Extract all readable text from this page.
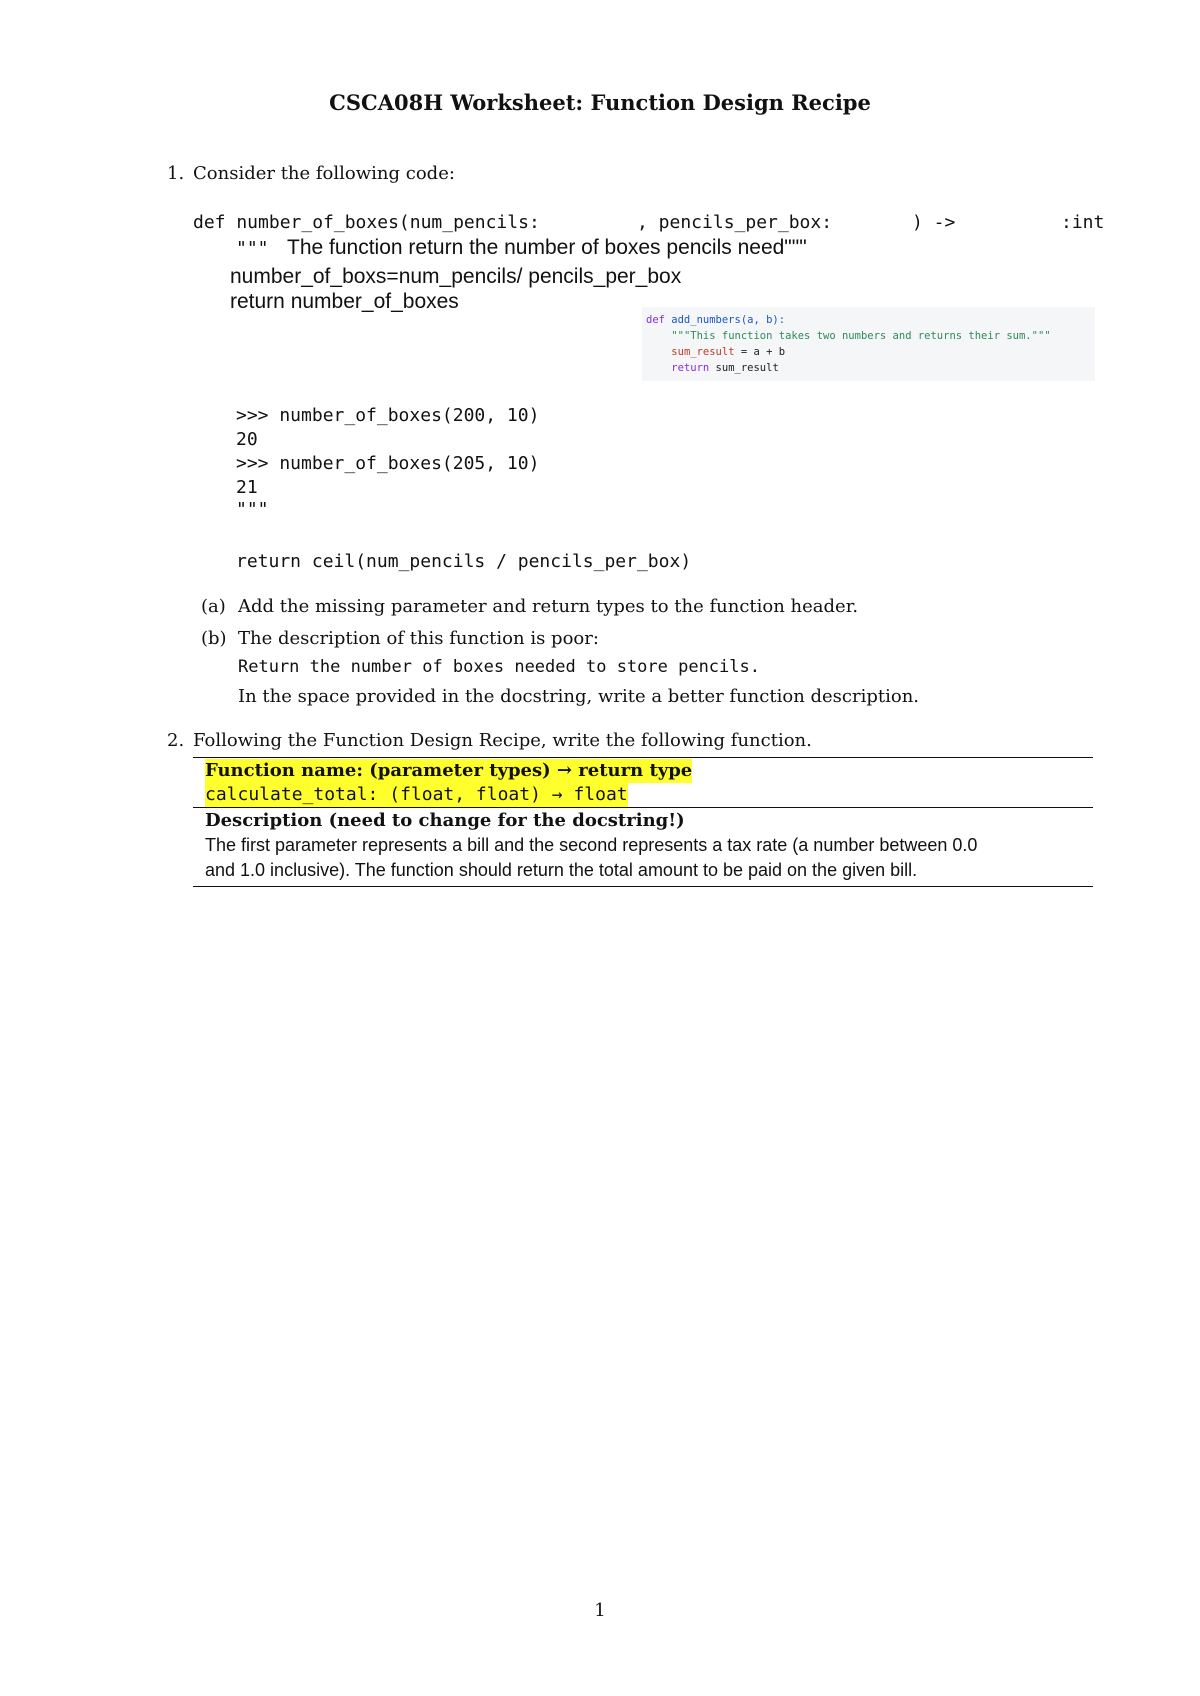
CSCA08H Worksheet: Function Design Recipe
1. Consider the following code:
def number_of_boxes(num_pencils:	, pencils_per_box:	) ->	:int
""" The function return the number of boxes pencils need"""
number_of_boxs=num_pencils/ pencils_per_box
return number_of_boxes
def add_numbers(a, b):
"""This function takes two numbers and returns their sum."""
sum_result = a + b
return sum_result
>>> number_of_boxes(200, 10)
20
>>> number_of_boxes(205, 10)
21
"""
return ceil(num_pencils / pencils_per_box)
(a) Add the missing parameter and return types to the function header.
(b) The description of this function is poor:
Return the number of boxes needed to store pencils.
In the space provided in the docstring, write a better function description.
2. Following the Function Design Recipe, write the following function.
Function name: (parameter types) → return type
calculate_total: (float, float) → float
Description (need to change for the docstring!)
The first parameter represents a bill and the second represents a tax rate (a number between 0.0
and 1.0 inclusive). The function should return the total amount to be paid on the given bill.
1
